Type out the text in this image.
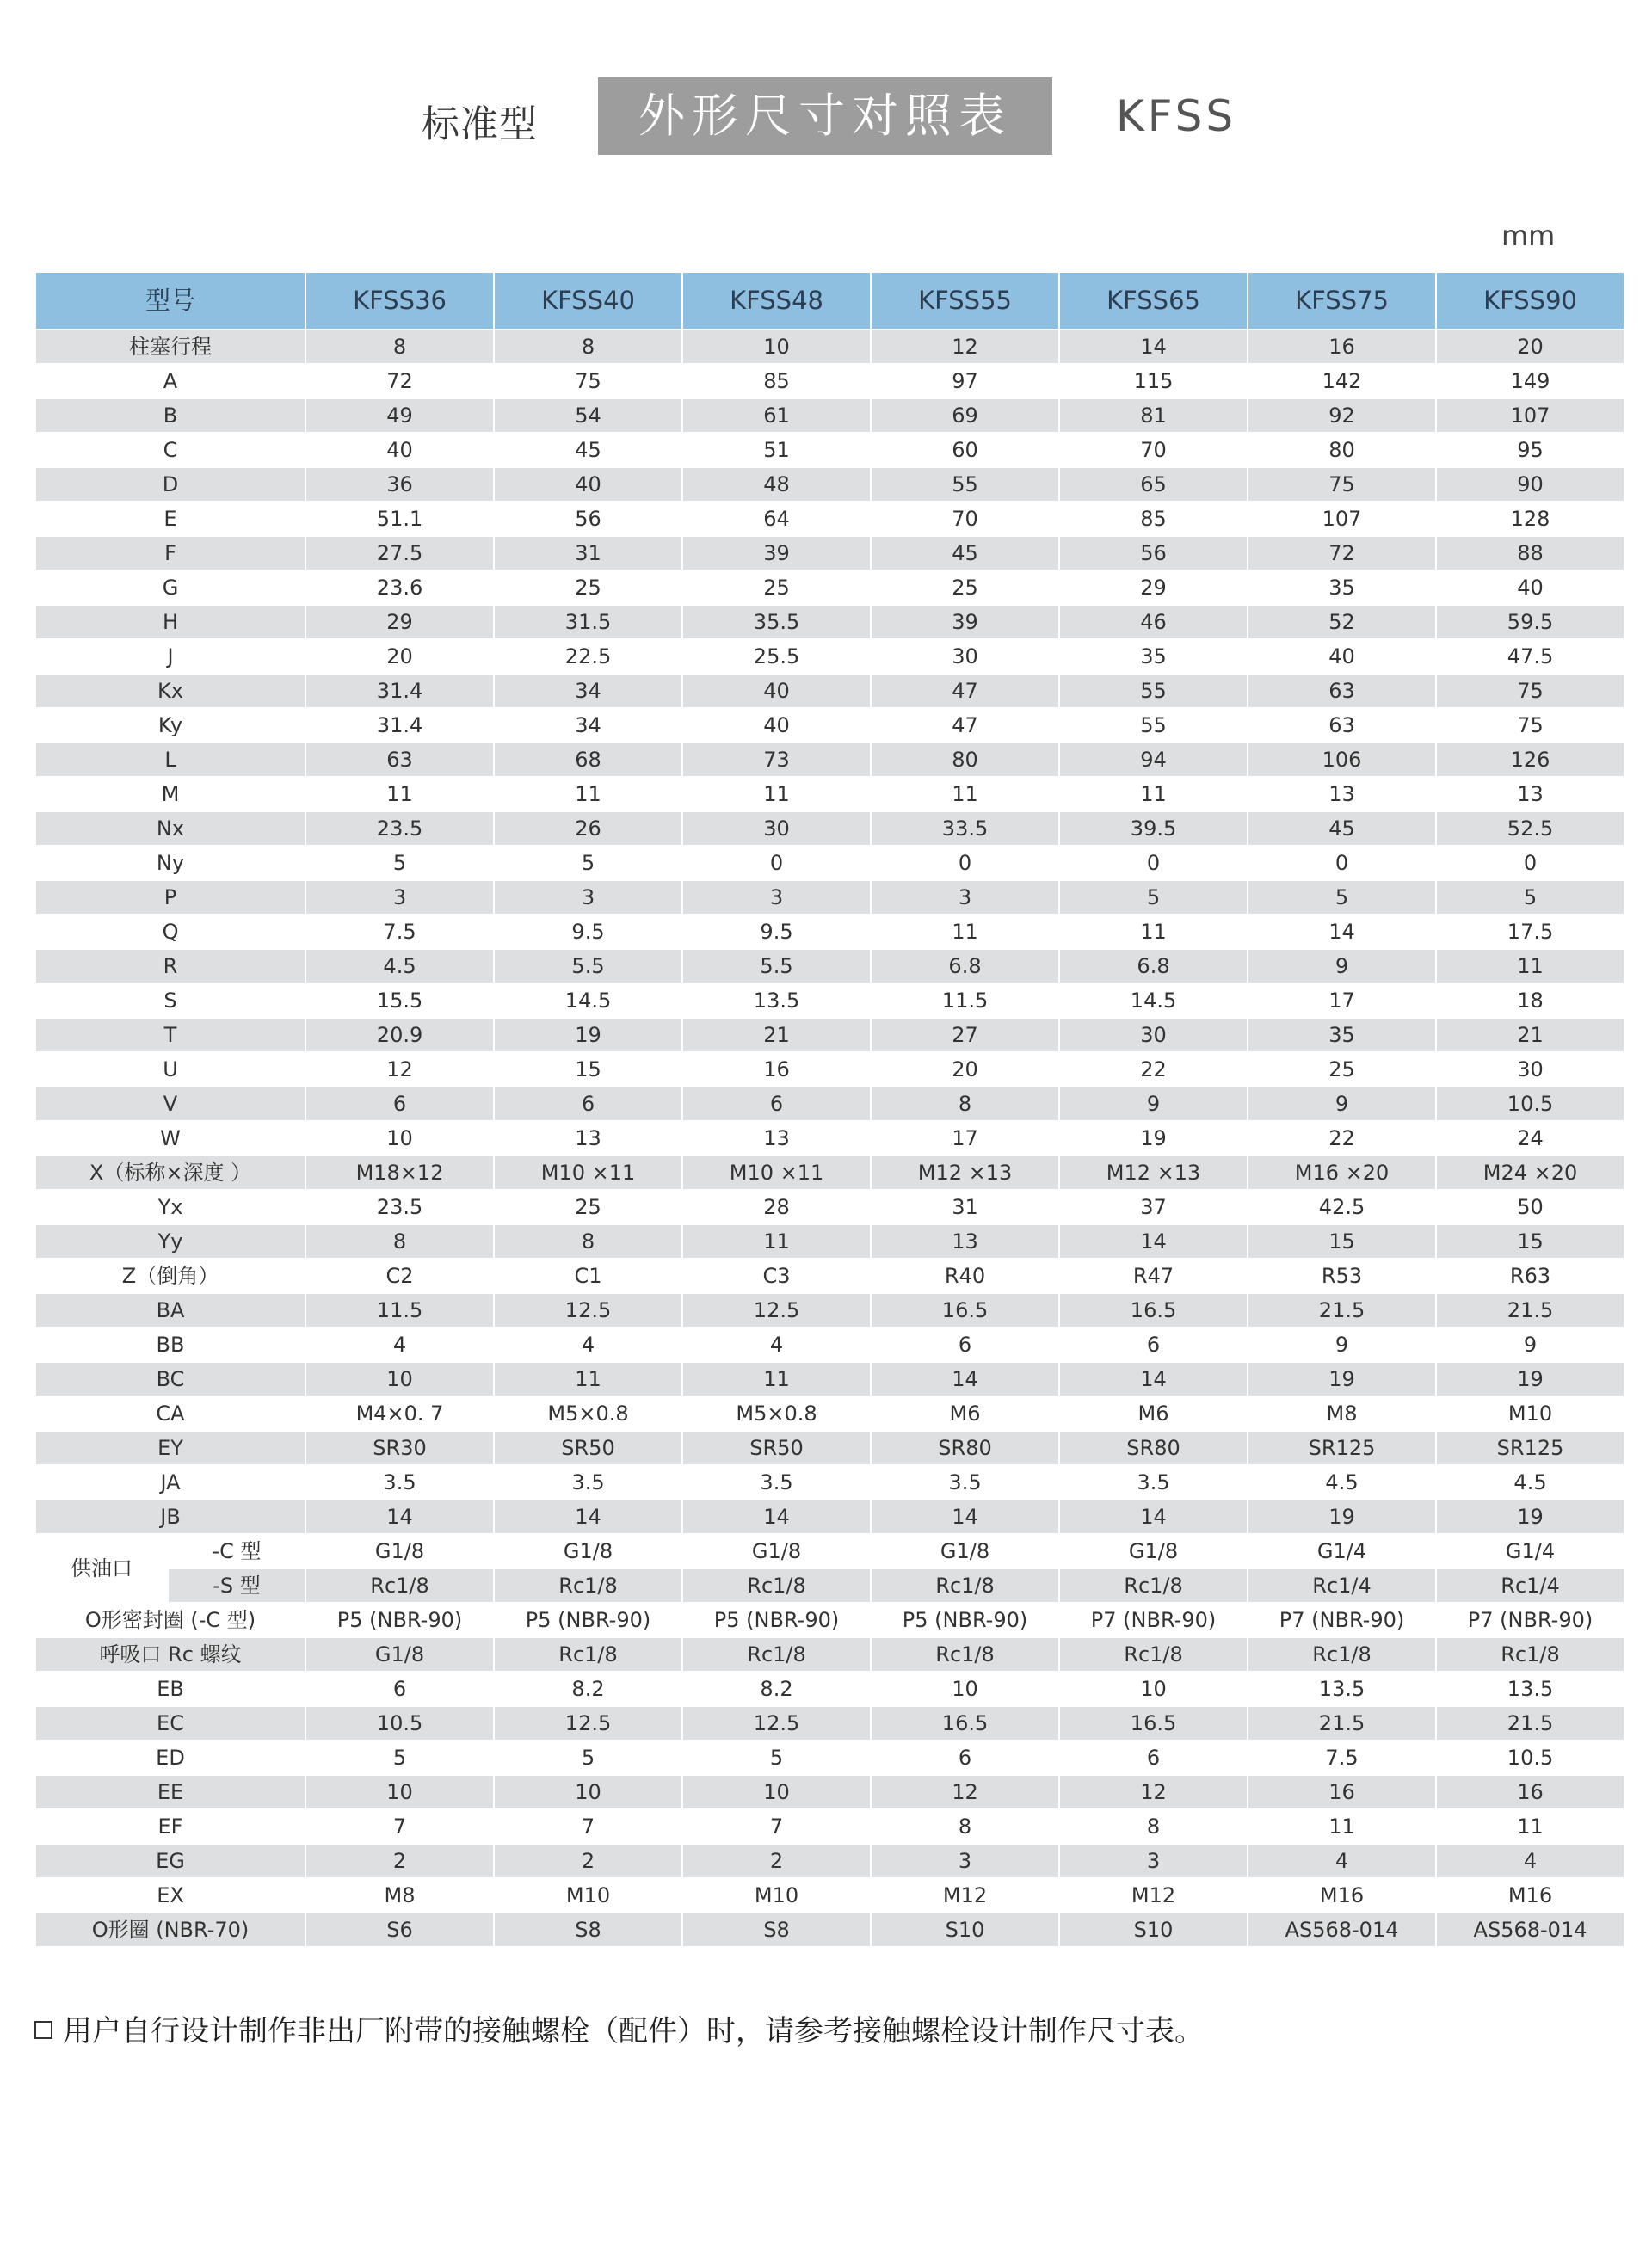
标准型	外形尺寸对照表	KFSS
mm
型号		KFSS36	KFSS40	KFSS48	KFSS55	KFSS65	KFSS75	KFSS90
柱塞行程		8	8	10	12	14	16	20
A		72	75	85	97	115	142	149
B		49	54	61	69	81	92	107
C		40	45	51	60	70	80	95
D		36	40	48	55	65	75	90
E		51.1	56	64	70	85	107	128
F		27.5	31	39	45	56	72	88
G		23.6	25	25	25	29	35	40
H		29	31.5	35.5	39	46	52	59.5
J		20	22.5	25.5	30	35	40	47.5
Kx		31.4	34	40	47	55	63	75
Ky		31.4	34	40	47	55	63	75
L		63	68	73	80	94	106	126
M		11	11	11	11	11	13	13
Nx		23.5	26	30	33.5	39.5	45	52.5
Ny		5	5	0	0	0	0	0
P		3	3	3	3	5	5	5
Q		7.5	9.5	9.5	11	11	14	17.5
R		4.5	5.5	5.5	6.8	6.8	9	11
S		15.5	14.5	13.5	11.5	14.5	17	18
T		20.9	19	21	27	30	35	21
U		12	15	16	20	22	25	30
V		6	6	6	8	9	9	10.5
W		10	13	13	17	19	22	24
X（标称×深度 ）		M18×12	M10 ×11	M10 ×11	M12 ×13	M12 ×13	M16 ×20	M24 ×20
Yx		23.5	25	28	31	37	42.5	50
Yy		8	8	11	13	14	15	15
Z（倒角）		C2	C1	C3	R40	R47	R53	R63
BA		11.5	12.5	12.5	16.5	16.5	21.5	21.5
BB		4	4	4	6	6	9	9
BC		10	11	11	14	14	19	19
CA		M4×0. 7	M5×0.8	M5×0.8	M6	M6	M8	M10
EY		SR30	SR50	SR50	SR80	SR80	SR125	SR125
JA		3.5	3.5	3.5	3.5	3.5	4.5	4.5
JB		14	14	14	14	14	19	19
供油口	-C 型	G1/8	G1/8	G1/8	G1/8	G1/8	G1/4	G1/4
	-S 型	Rc1/8	Rc1/8	Rc1/8	Rc1/8	Rc1/8	Rc1/4	Rc1/4
O形密封圈 (-C 型)		P5 (NBR-90)	P5 (NBR-90)	P5 (NBR-90)	P5 (NBR-90)	P7 (NBR-90)	P7 (NBR-90)	P7 (NBR-90)
呼吸口 Rc 螺纹		G1/8	Rc1/8	Rc1/8	Rc1/8	Rc1/8	Rc1/8	Rc1/8
EB		6	8.2	8.2	10	10	13.5	13.5
EC		10.5	12.5	12.5	16.5	16.5	21.5	21.5
ED		5	5	5	6	6	7.5	10.5
EE		10	10	10	12	12	16	16
EF		7	7	7	8	8	11	11
EG		2	2	2	3	3	4	4
EX		M8	M10	M10	M12	M12	M16	M16
O形圈 (NBR-70)		S6	S8	S8	S10	S10	AS568-014	AS568-014
用户自行设计制作非出厂附带的接触螺栓（配件）时，请参考接触螺栓设计制作尺寸表。
